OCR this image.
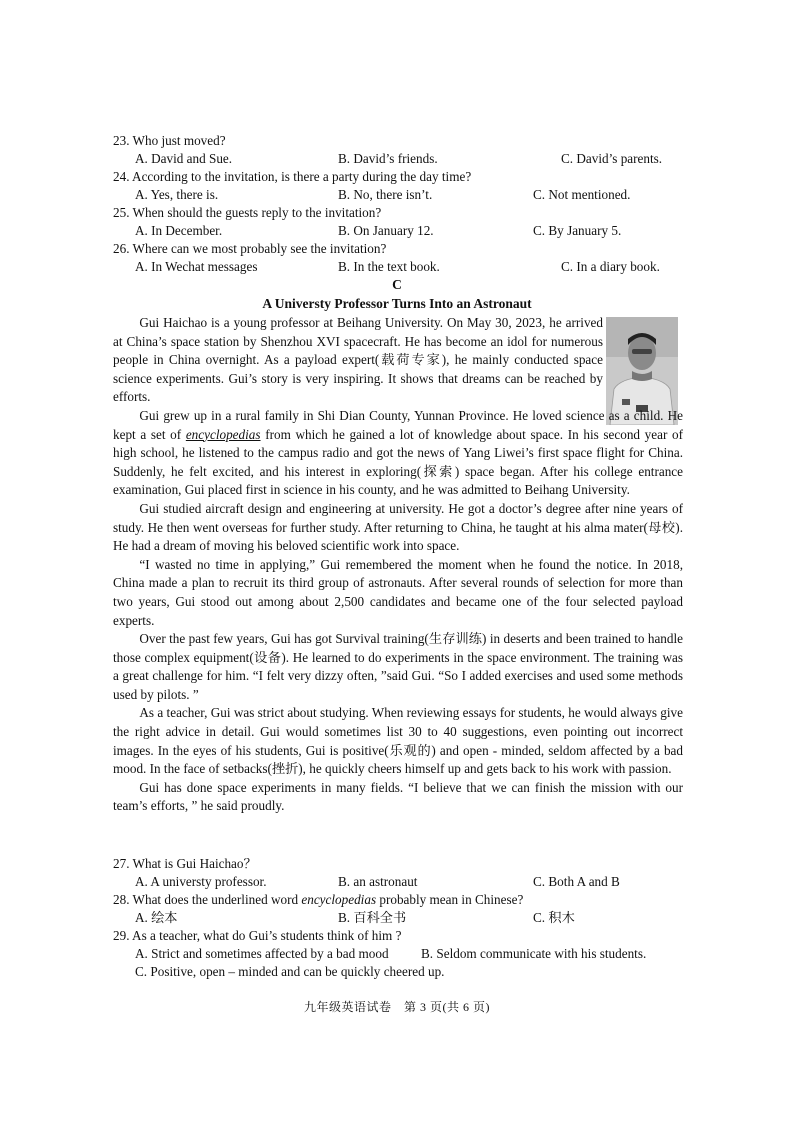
23. Who just moved?
A. David and Sue.	B. David’s friends.	C. David’s parents.
24. According to the invitation, is there a party during the day time?
A. Yes, there is.	B. No, there isn’t.	C. Not mentioned.
25. When should the guests reply to the invitation?
A. In December.	B. On January 12.	C. By January 5.
26. Where can we most probably see the invitation?
A. In Wechat messages	B. In the text book.	C. In a diary book.
C
A Universty Professor Turns Into an Astronaut

Gui Haichao is a young professor at Beihang University. On May 30, 2023, he arrived at China’s space station by Shenzhou XVI spacecraft. He has become an idol for numerous people in China overnight. As a payload expert(载荷专家), he mainly conducted space science experiments. Gui’s story is very inspiring. It shows that dreams can be reached by efforts.

Gui grew up in a rural family in Shi Dian County, Yunnan Province. He loved science as a child. He kept a set of encyclopedias from which he gained a lot of knowledge about space. In his second year of high school, he listened to the campus radio and got the news of Yang Liwei’s first space flight for China. Suddenly, he felt excited, and his interest in exploring(探索) space began. After his college entrance examination, Gui placed first in science in his county, and he was admitted to Beihang University.

Gui studied aircraft design and engineering at university. He got a doctor’s degree after nine years of study. He then went overseas for further study. After returning to China, he taught at his alma mater(母校). He had a dream of moving his beloved scientific work into space.

“I wasted no time in applying,” Gui remembered the moment when he found the notice. In 2018, China made a plan to recruit its third group of astronauts. After several rounds of selection for more than two years, Gui stood out among about 2,500 candidates and became one of the four selected payload experts.

Over the past few years, Gui has got Survival training(生存训练) in deserts and been trained to handle those complex equipment(设备). He learned to do experiments in the space environment. The training was a great challenge for him. “I felt very dizzy often, ”said Gui. “So I added exercises and used some methods used by pilots. ”

As a teacher, Gui was strict about studying. When reviewing essays for students, he would always give the right advice in detail. Gui would sometimes list 30 to 40 suggestions, even pointing out incorrect images. In the eyes of his students, Gui is positive(乐观的) and open - minded, seldom affected by a bad mood. In the face of setbacks(挫折), he quickly cheers himself up and gets back to his work with passion.

Gui has done space experiments in many fields. “I believe that we can finish the mission with our team’s efforts, ” he said proudly.

27. What is Gui Haichao？
A. A universty professor.	B. an astronaut	C. Both A and B
28. What does the underlined word encyclopedias probably mean in Chinese?
A. 绘本	B. 百科全书	C. 积木
29. As a teacher, what do Gui’s students think of him ?
A. Strict and sometimes affected by a bad mood B. Seldom communicate with his students.
C. Positive, open – minded and can be quickly cheered up.
九年级英语试卷　第 3 页(共 6 页)
